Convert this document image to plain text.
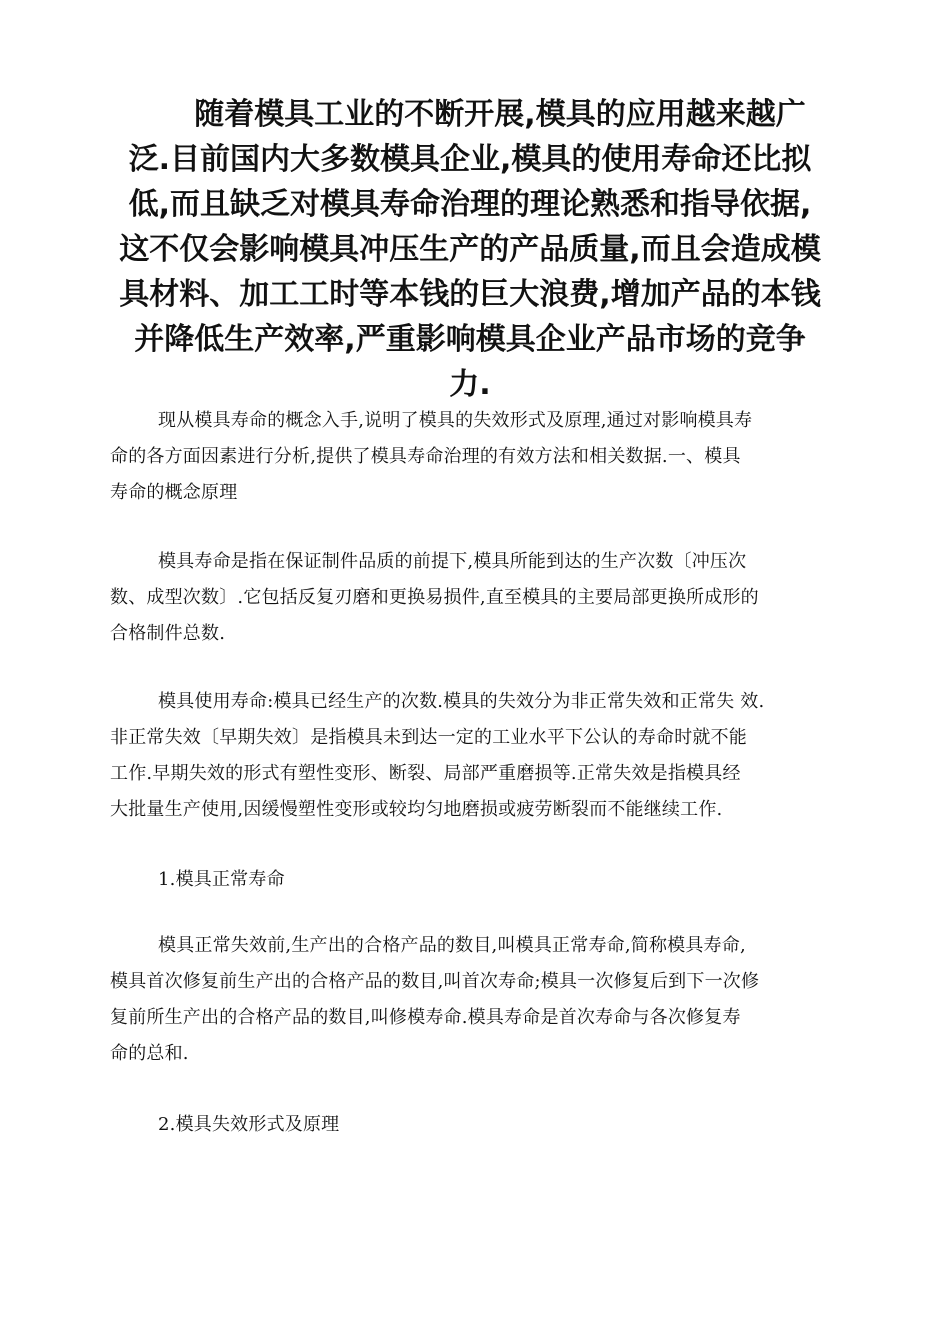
随着模具工业的不断开展,模具的应用越来越广
泛.目前国内大多数模具企业,模具的使用寿命还比拟
低,而且缺乏对模具寿命治理的理论熟悉和指导依据,
这不仅会影响模具冲压生产的产品质量,而且会造成模
具材料、加工工时等本钱的巨大浪费,增加产品的本钱
并降低生产效率,严重影响模具企业产品市场的竞争
力.

现从模具寿命的概念入手,说明了模具的失效形式及原理,通过对影响模具寿
命的各方面因素进行分析,提供了模具寿命治理的有效方法和相关数据.一、模具
寿命的概念原理

模具寿命是指在保证制件品质的前提下,模具所能到达的生产次数〔冲压次
数、成型次数〕.它包括反复刃磨和更换易损件,直至模具的主要局部更换所成形的
合格制件总数.

模具使用寿命:模具已经生产的次数.模具的失效分为非正常失效和正常失 效.
非正常失效〔早期失效〕是指模具未到达一定的工业水平下公认的寿命时就不能
工作.早期失效的形式有塑性变形、断裂、局部严重磨损等.正常失效是指模具经
大批量生产使用,因缓慢塑性变形或较均匀地磨损或疲劳断裂而不能继续工作.

1.模具正常寿命

模具正常失效前,生产出的合格产品的数目,叫模具正常寿命,简称模具寿命,
模具首次修复前生产出的合格产品的数目,叫首次寿命;模具一次修复后到下一次修
复前所生产出的合格产品的数目,叫修模寿命.模具寿命是首次寿命与各次修复寿
命的总和.

2.模具失效形式及原理
